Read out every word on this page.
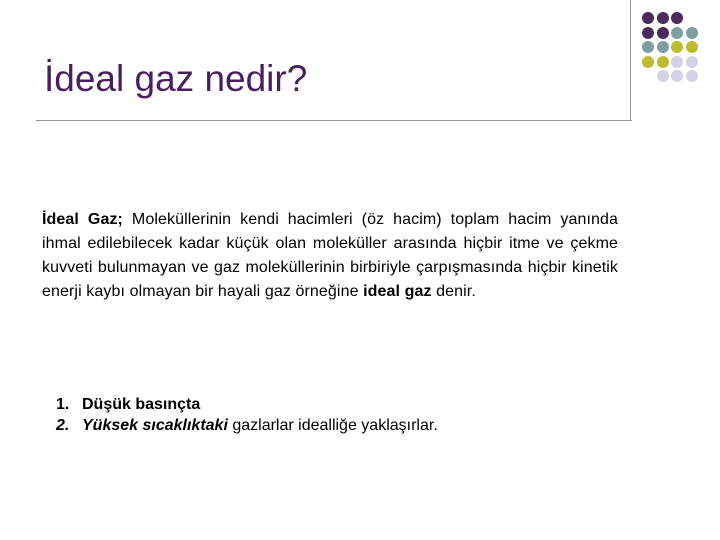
İdeal gaz nedir?

İdeal Gaz; Moleküllerinin kendi hacimleri (öz hacim) toplam hacim yanında ihmal edilebilecek kadar küçük olan moleküller arasında hiçbir itme ve çekme kuvveti bulunmayan ve gaz moleküllerinin birbiriyle çarpışmasında hiçbir kinetik enerji kaybı olmayan bir hayali gaz örneğine ideal gaz denir.

1. Düşük basınçta
2. Yüksek sıcaklıktaki gazlarlar idealliğe yaklaşırlar.
